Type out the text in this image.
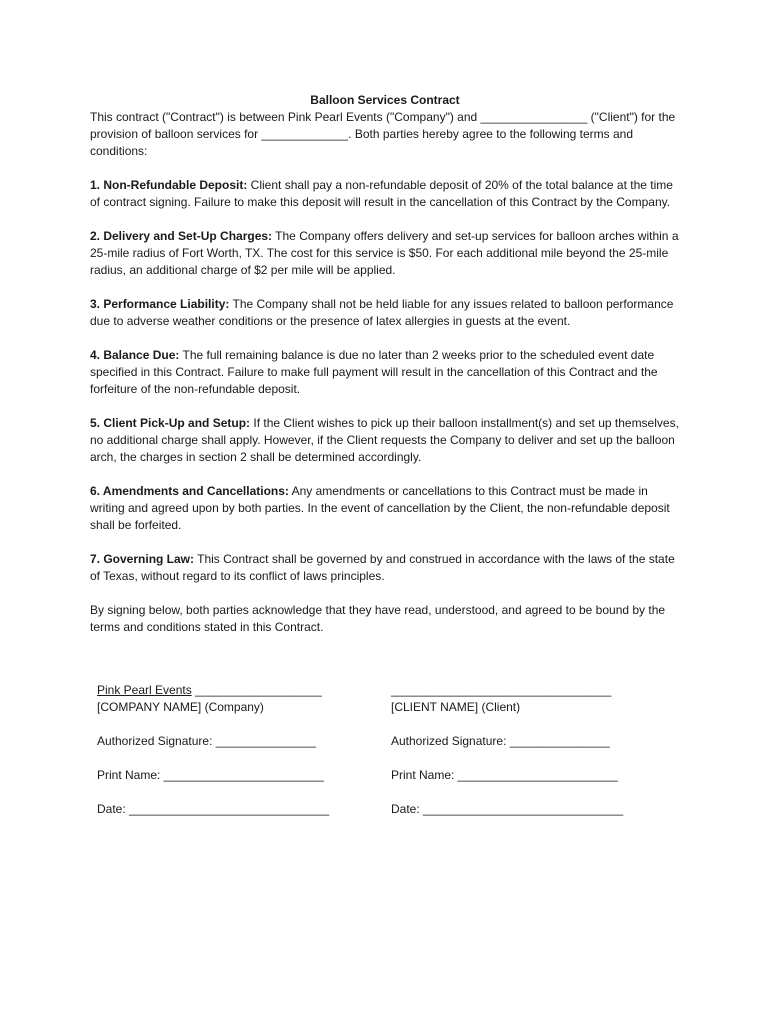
Balloon Services Contract

This contract ("Contract") is between Pink Pearl Events ("Company") and ________________ ("Client") for the provision of balloon services for _____________. Both parties hereby agree to the following terms and conditions:

1. Non-Refundable Deposit: Client shall pay a non-refundable deposit of 20% of the total balance at the time of contract signing. Failure to make this deposit will result in the cancellation of this Contract by the Company.

2. Delivery and Set-Up Charges: The Company offers delivery and set-up services for balloon arches within a 25-mile radius of Fort Worth, TX. The cost for this service is $50. For each additional mile beyond the 25-mile radius, an additional charge of $2 per mile will be applied.

3. Performance Liability: The Company shall not be held liable for any issues related to balloon performance due to adverse weather conditions or the presence of latex allergies in guests at the event.

4. Balance Due: The full remaining balance is due no later than 2 weeks prior to the scheduled event date specified in this Contract. Failure to make full payment will result in the cancellation of this Contract and the forfeiture of the non-refundable deposit.

5. Client Pick-Up and Setup: If the Client wishes to pick up their balloon installment(s) and set up themselves, no additional charge shall apply. However, if the Client requests the Company to deliver and set up the balloon arch, the charges in section 2 shall be determined accordingly.

6. Amendments and Cancellations: Any amendments or cancellations to this Contract must be made in writing and agreed upon by both parties. In the event of cancellation by the Client, the non-refundable deposit shall be forfeited.

7. Governing Law: This Contract shall be governed by and construed in accordance with the laws of the state of Texas, without regard to its conflict of laws principles.

By signing below, both parties acknowledge that they have read, understood, and agreed to be bound by the terms and conditions stated in this Contract.

Pink Pearl Events ___________________
[COMPANY NAME] (Company)
Authorized Signature: _______________
Print Name: ________________________
Date: ______________________________
_________________________________
[CLIENT NAME] (Client)
Authorized Signature: _______________
Print Name: ________________________
Date: ______________________________
